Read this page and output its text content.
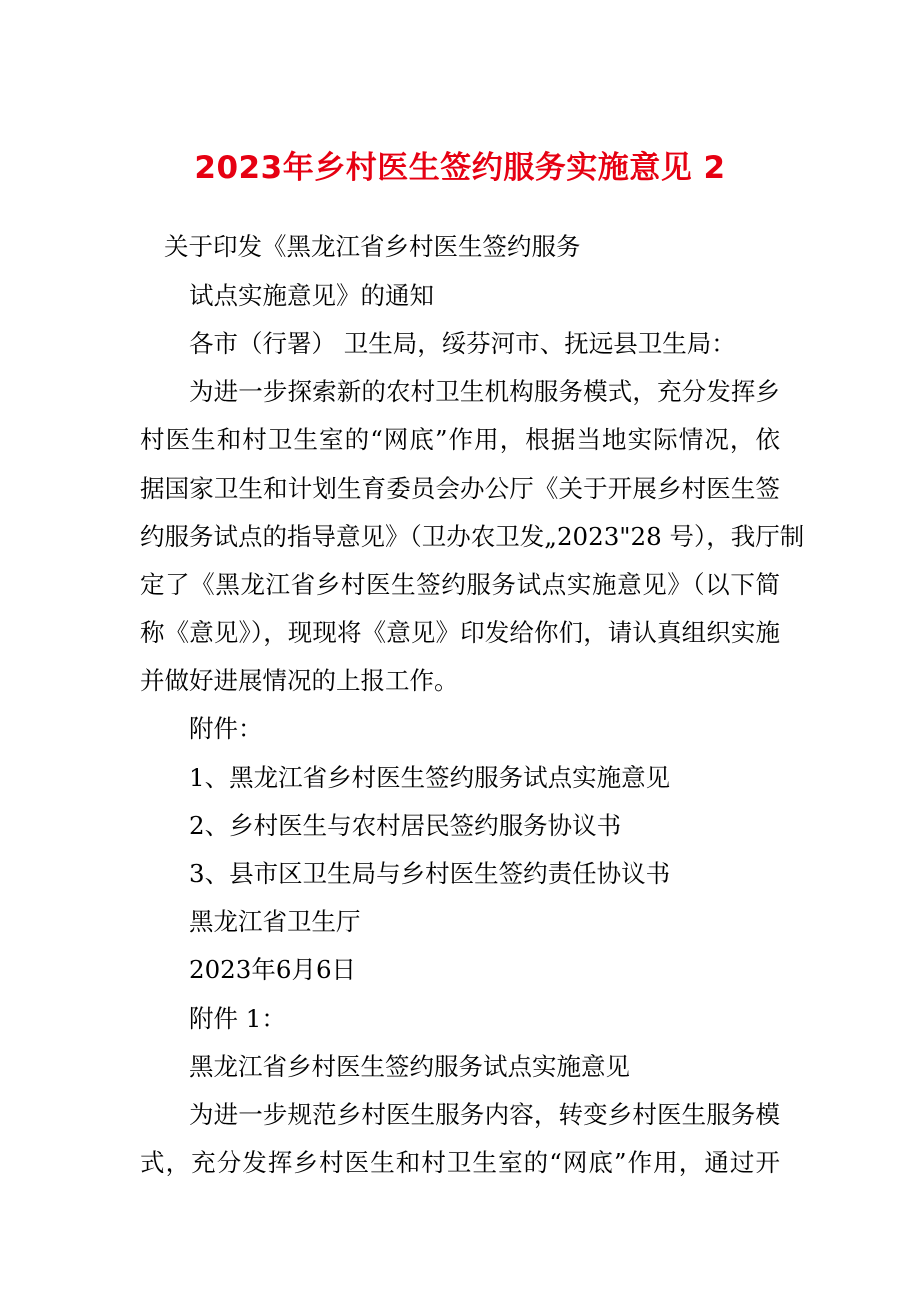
2023年乡村医生签约服务实施意见 2
关于印发《黑龙江省乡村医生签约服务
试点实施意见》的通知
各市（行署） 卫生局，绥芬河市、抚远县卫生局：
为进一步探索新的农村卫生机构服务模式，充分发挥乡
村医生和村卫生室的“网底”作用，根据当地实际情况，依
据国家卫生和计划生育委员会办公厅《关于开展乡村医生签
约服务试点的指导意见》（卫办农卫发„2023"28 号），我厅制
定了《黑龙江省乡村医生签约服务试点实施意见》（以下简
称《意见》），现现将《意见》印发给你们，请认真组织实施
并做好进展情况的上报工作。
附件：
1、黑龙江省乡村医生签约服务试点实施意见
2、乡村医生与农村居民签约服务协议书
3、县市区卫生局与乡村医生签约责任协议书
黑龙江省卫生厅
2023年6月6日
附件 1：
黑龙江省乡村医生签约服务试点实施意见
为进一步规范乡村医生服务内容，转变乡村医生服务模
式，充分发挥乡村医生和村卫生室的“网底”作用，通过开
